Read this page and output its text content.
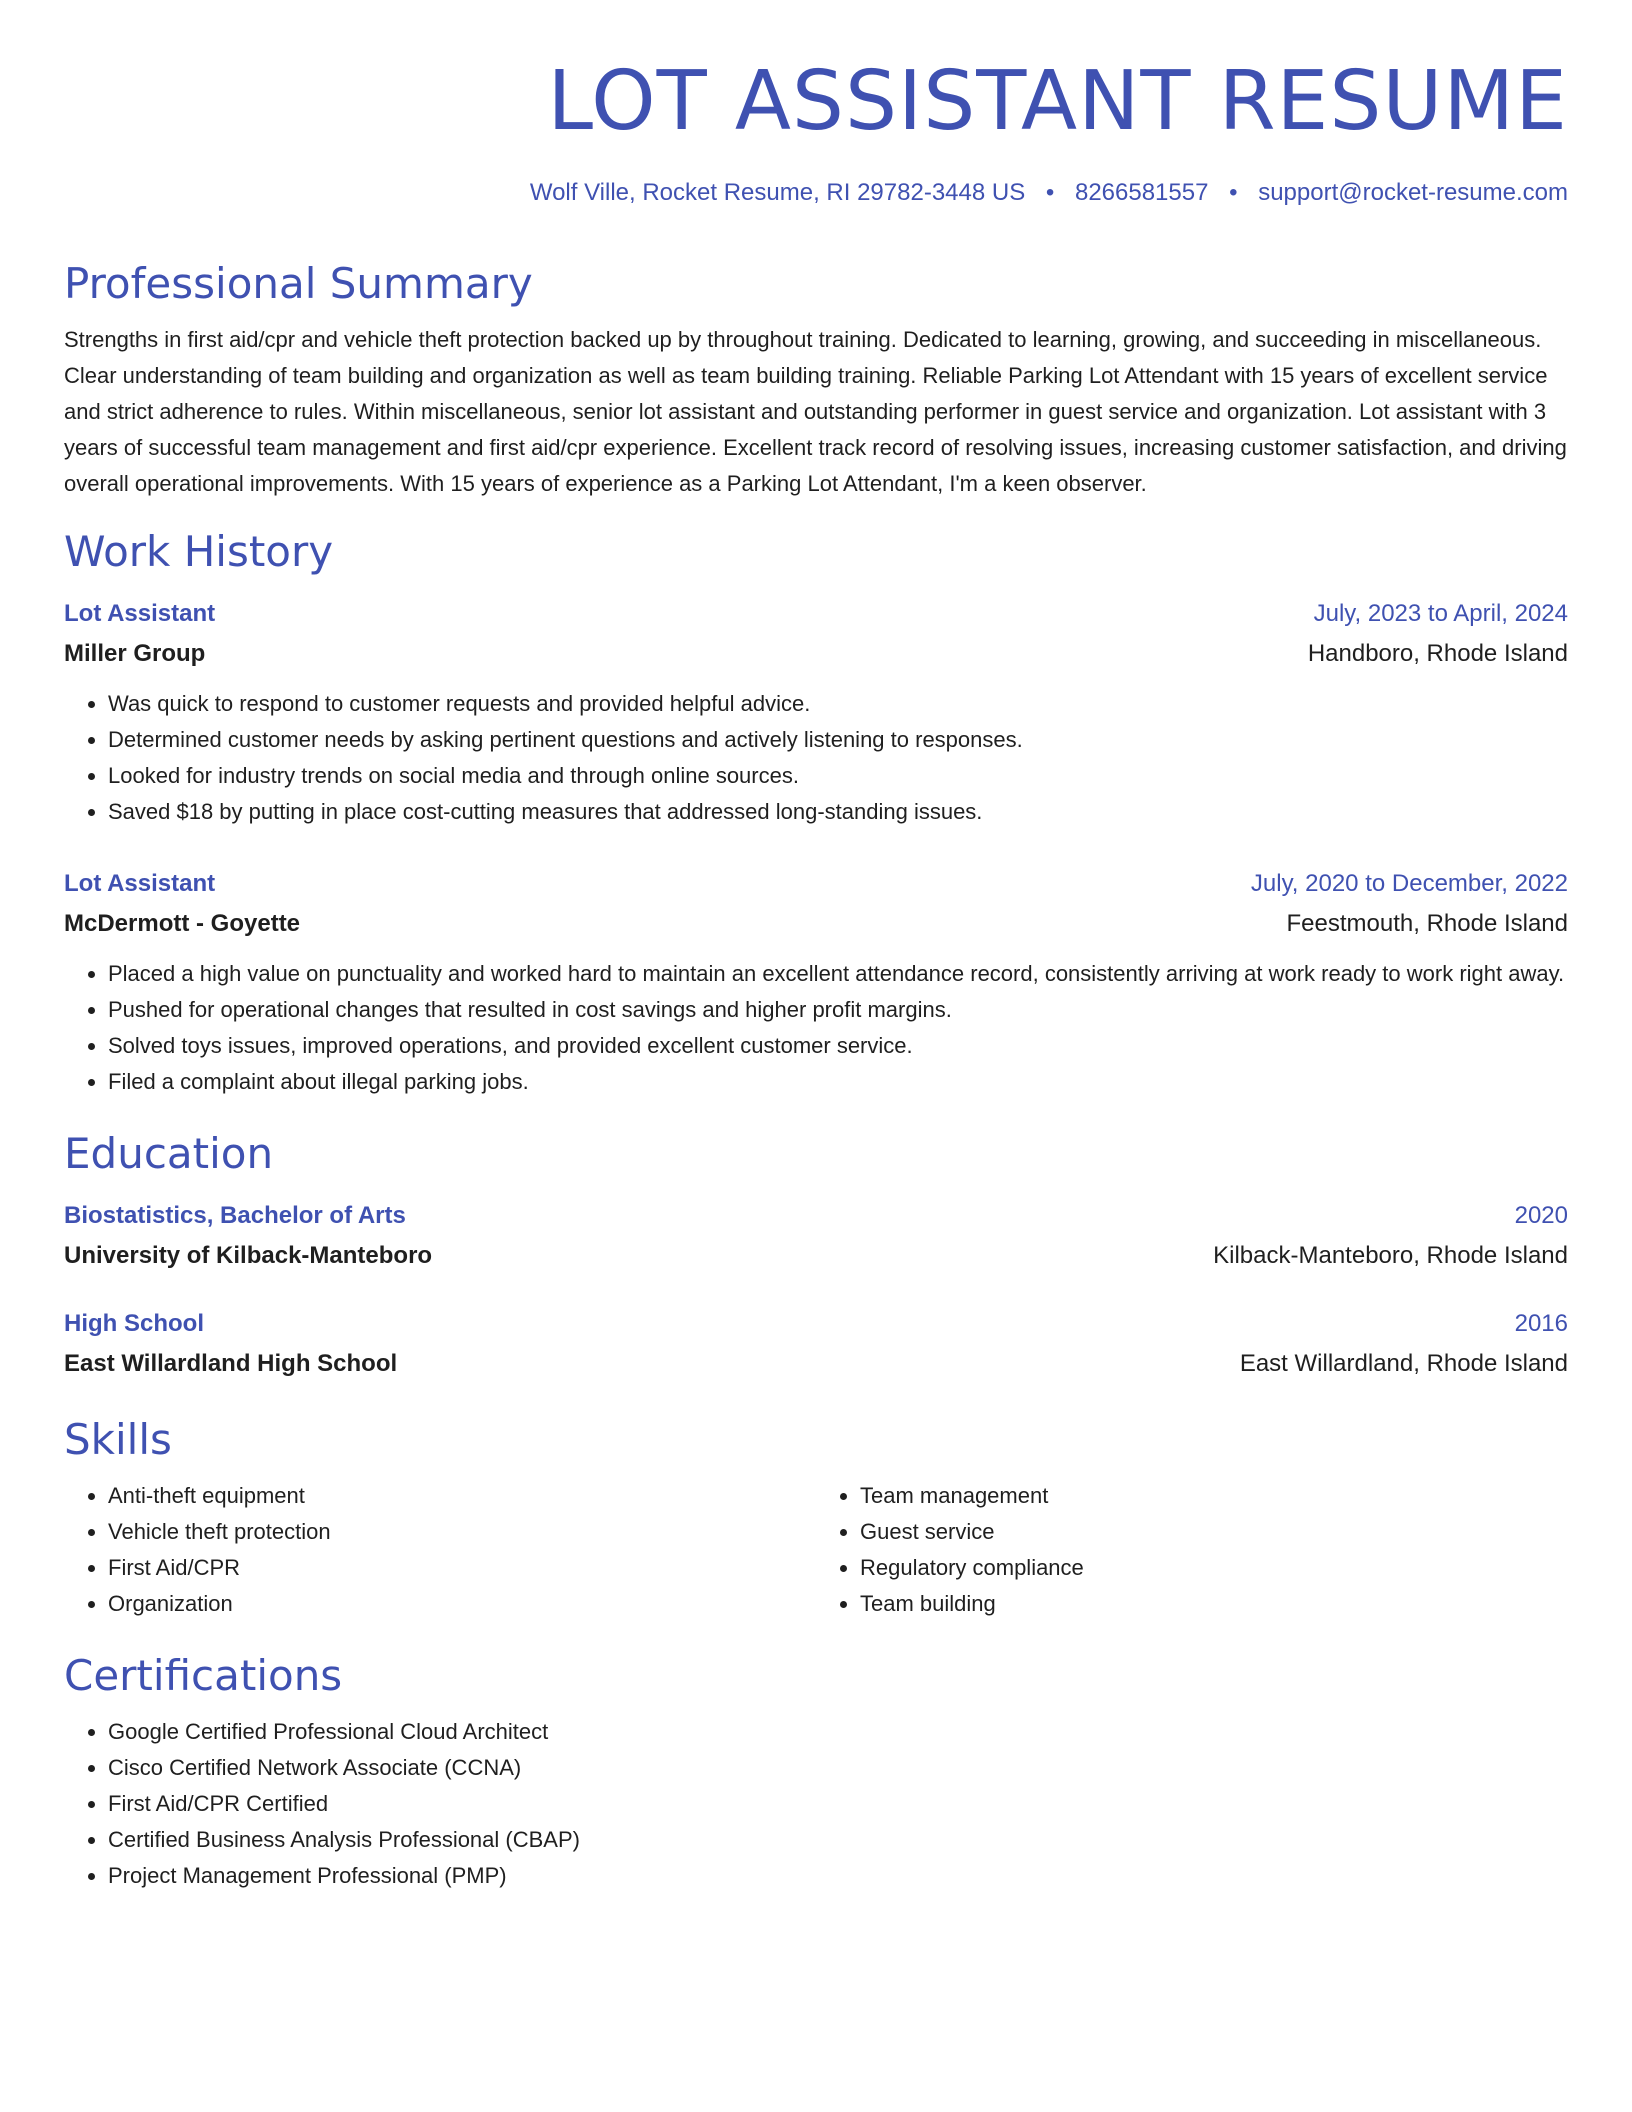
LOT ASSISTANT RESUME
Wolf Ville, Rocket Resume, RI 29782-3448 US • 8266581557 • support@rocket-resume.com
Professional Summary
Strengths in first aid/cpr and vehicle theft protection backed up by throughout training. Dedicated to learning, growing, and succeeding in miscellaneous. Clear understanding of team building and organization as well as team building training. Reliable Parking Lot Attendant with 15 years of excellent service and strict adherence to rules. Within miscellaneous, senior lot assistant and outstanding performer in guest service and organization. Lot assistant with 3 years of successful team management and first aid/cpr experience. Excellent track record of resolving issues, increasing customer satisfaction, and driving overall operational improvements. With 15 years of experience as a Parking Lot Attendant, I'm a keen observer.
Work History
Lot Assistant	July, 2023 to April, 2024
Miller Group	Handboro, Rhode Island
• Was quick to respond to customer requests and provided helpful advice.
• Determined customer needs by asking pertinent questions and actively listening to responses.
• Looked for industry trends on social media and through online sources.
• Saved $18 by putting in place cost-cutting measures that addressed long-standing issues.
Lot Assistant	July, 2020 to December, 2022
McDermott - Goyette	Feestmouth, Rhode Island
• Placed a high value on punctuality and worked hard to maintain an excellent attendance record, consistently arriving at work ready to work right away.
• Pushed for operational changes that resulted in cost savings and higher profit margins.
• Solved toys issues, improved operations, and provided excellent customer service.
• Filed a complaint about illegal parking jobs.
Education
Biostatistics, Bachelor of Arts	2020
University of Kilback-Manteboro	Kilback-Manteboro, Rhode Island
High School	2016
East Willardland High School	East Willardland, Rhode Island
Skills
• Anti-theft equipment
• Vehicle theft protection
• First Aid/CPR
• Organization
• Team management
• Guest service
• Regulatory compliance
• Team building
Certifications
• Google Certified Professional Cloud Architect
• Cisco Certified Network Associate (CCNA)
• First Aid/CPR Certified
• Certified Business Analysis Professional (CBAP)
• Project Management Professional (PMP)
